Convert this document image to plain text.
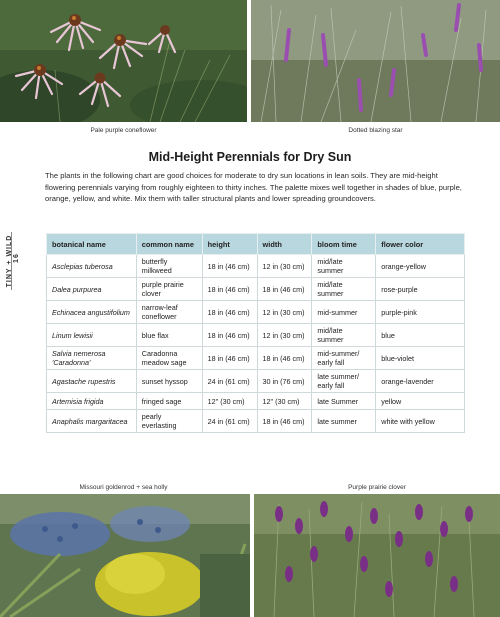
Pale purple coneflower	Dotted blazing star
Mid-Height Perennials for Dry Sun
The plants in the following chart are good choices for moderate to dry sun locations in lean soils. They are mid-height flowering perennials varying from roughly eighteen to thirty inches. The palette mixes well together in shades of blue, purple, orange, yellow, and white. Mix them with taller structural plants and lower spreading groundcovers.
TINY + WILD   16
botanical name	common name	height	width	bloom time	flower color
Asclepias tuberosa	butterfly milkweed	18 in (46 cm)	12 in (30 cm)	mid/late summer	orange-yellow
Dalea purpurea	purple prairie clover	18 in (46 cm)	18 in (46 cm)	mid/late summer	rose-purple
Echinacea angustifolium	narrow-leaf coneflower	18 in (46 cm)	12 in (30 cm)	mid-summer	purple-pink
Linum lewisii	blue flax	18 in (46 cm)	12 in (30 cm)	mid/late summer	blue
Salvia nemerosa 'Caradonna'	Caradonna meadow sage	18 in (46 cm)	18 in (46 cm)	mid-summer/ early fall	blue-violet
Agastache rupestris	sunset hyssop	24 in (61 cm)	30 in (76 cm)	late summer/ early fall	orange-lavender
Artemisia frigida	fringed sage	12" (30 cm)	12" (30 cm)	late Summer	yellow
Anaphalis margaritacea	pearly everlasting	24 in (61 cm)	18 in (46 cm)	late summer	white with yellow
Missouri goldenrod + sea holly	Purple prairie clover
